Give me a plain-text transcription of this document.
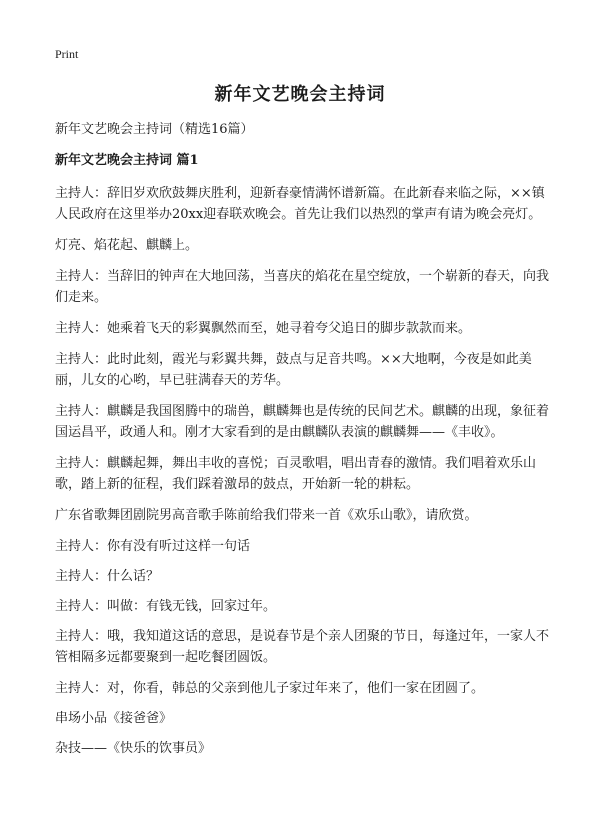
Print
新年文艺晚会主持词

新年文艺晚会主持词（精选16篇）

新年文艺晚会主持词 篇1

主持人：辞旧岁欢欣鼓舞庆胜利，迎新春豪情满怀谱新篇。在此新春来临之际，××镇人民政府在这里举办20xx迎春联欢晚会。首先让我们以热烈的掌声有请为晚会亮灯。

灯亮、焰花起、麒麟上。

主持人：当辞旧的钟声在大地回荡，当喜庆的焰花在星空绽放，一个崭新的春天，向我们走来。

主持人：她乘着飞天的彩翼飘然而至，她寻着夸父追日的脚步款款而来。

主持人：此时此刻，霞光与彩翼共舞，鼓点与足音共鸣。××大地啊，今夜是如此美丽，儿女的心哟，早已驻满春天的芳华。

主持人：麒麟是我国图腾中的瑞兽，麒麟舞也是传统的民间艺术。麒麟的出现，象征着国运昌平，政通人和。刚才大家看到的是由麒麟队表演的麒麟舞——《丰收》。

主持人：麒麟起舞，舞出丰收的喜悦；百灵歌唱，唱出青春的激情。我们唱着欢乐山歌，踏上新的征程，我们踩着激昂的鼓点，开始新一轮的耕耘。

广东省歌舞团剧院男高音歌手陈前给我们带来一首《欢乐山歌》，请欣赏。

主持人：你有没有听过这样一句话

主持人：什么话？

主持人：叫做：有钱无钱，回家过年。

主持人：哦，我知道这话的意思，是说春节是个亲人团聚的节日，每逢过年，一家人不管相隔多远都要聚到一起吃餐团圆饭。

主持人：对，你看，韩总的父亲到他儿子家过年来了，他们一家在团圆了。

串场小品《接爸爸》

杂技——《快乐的饮事员》
